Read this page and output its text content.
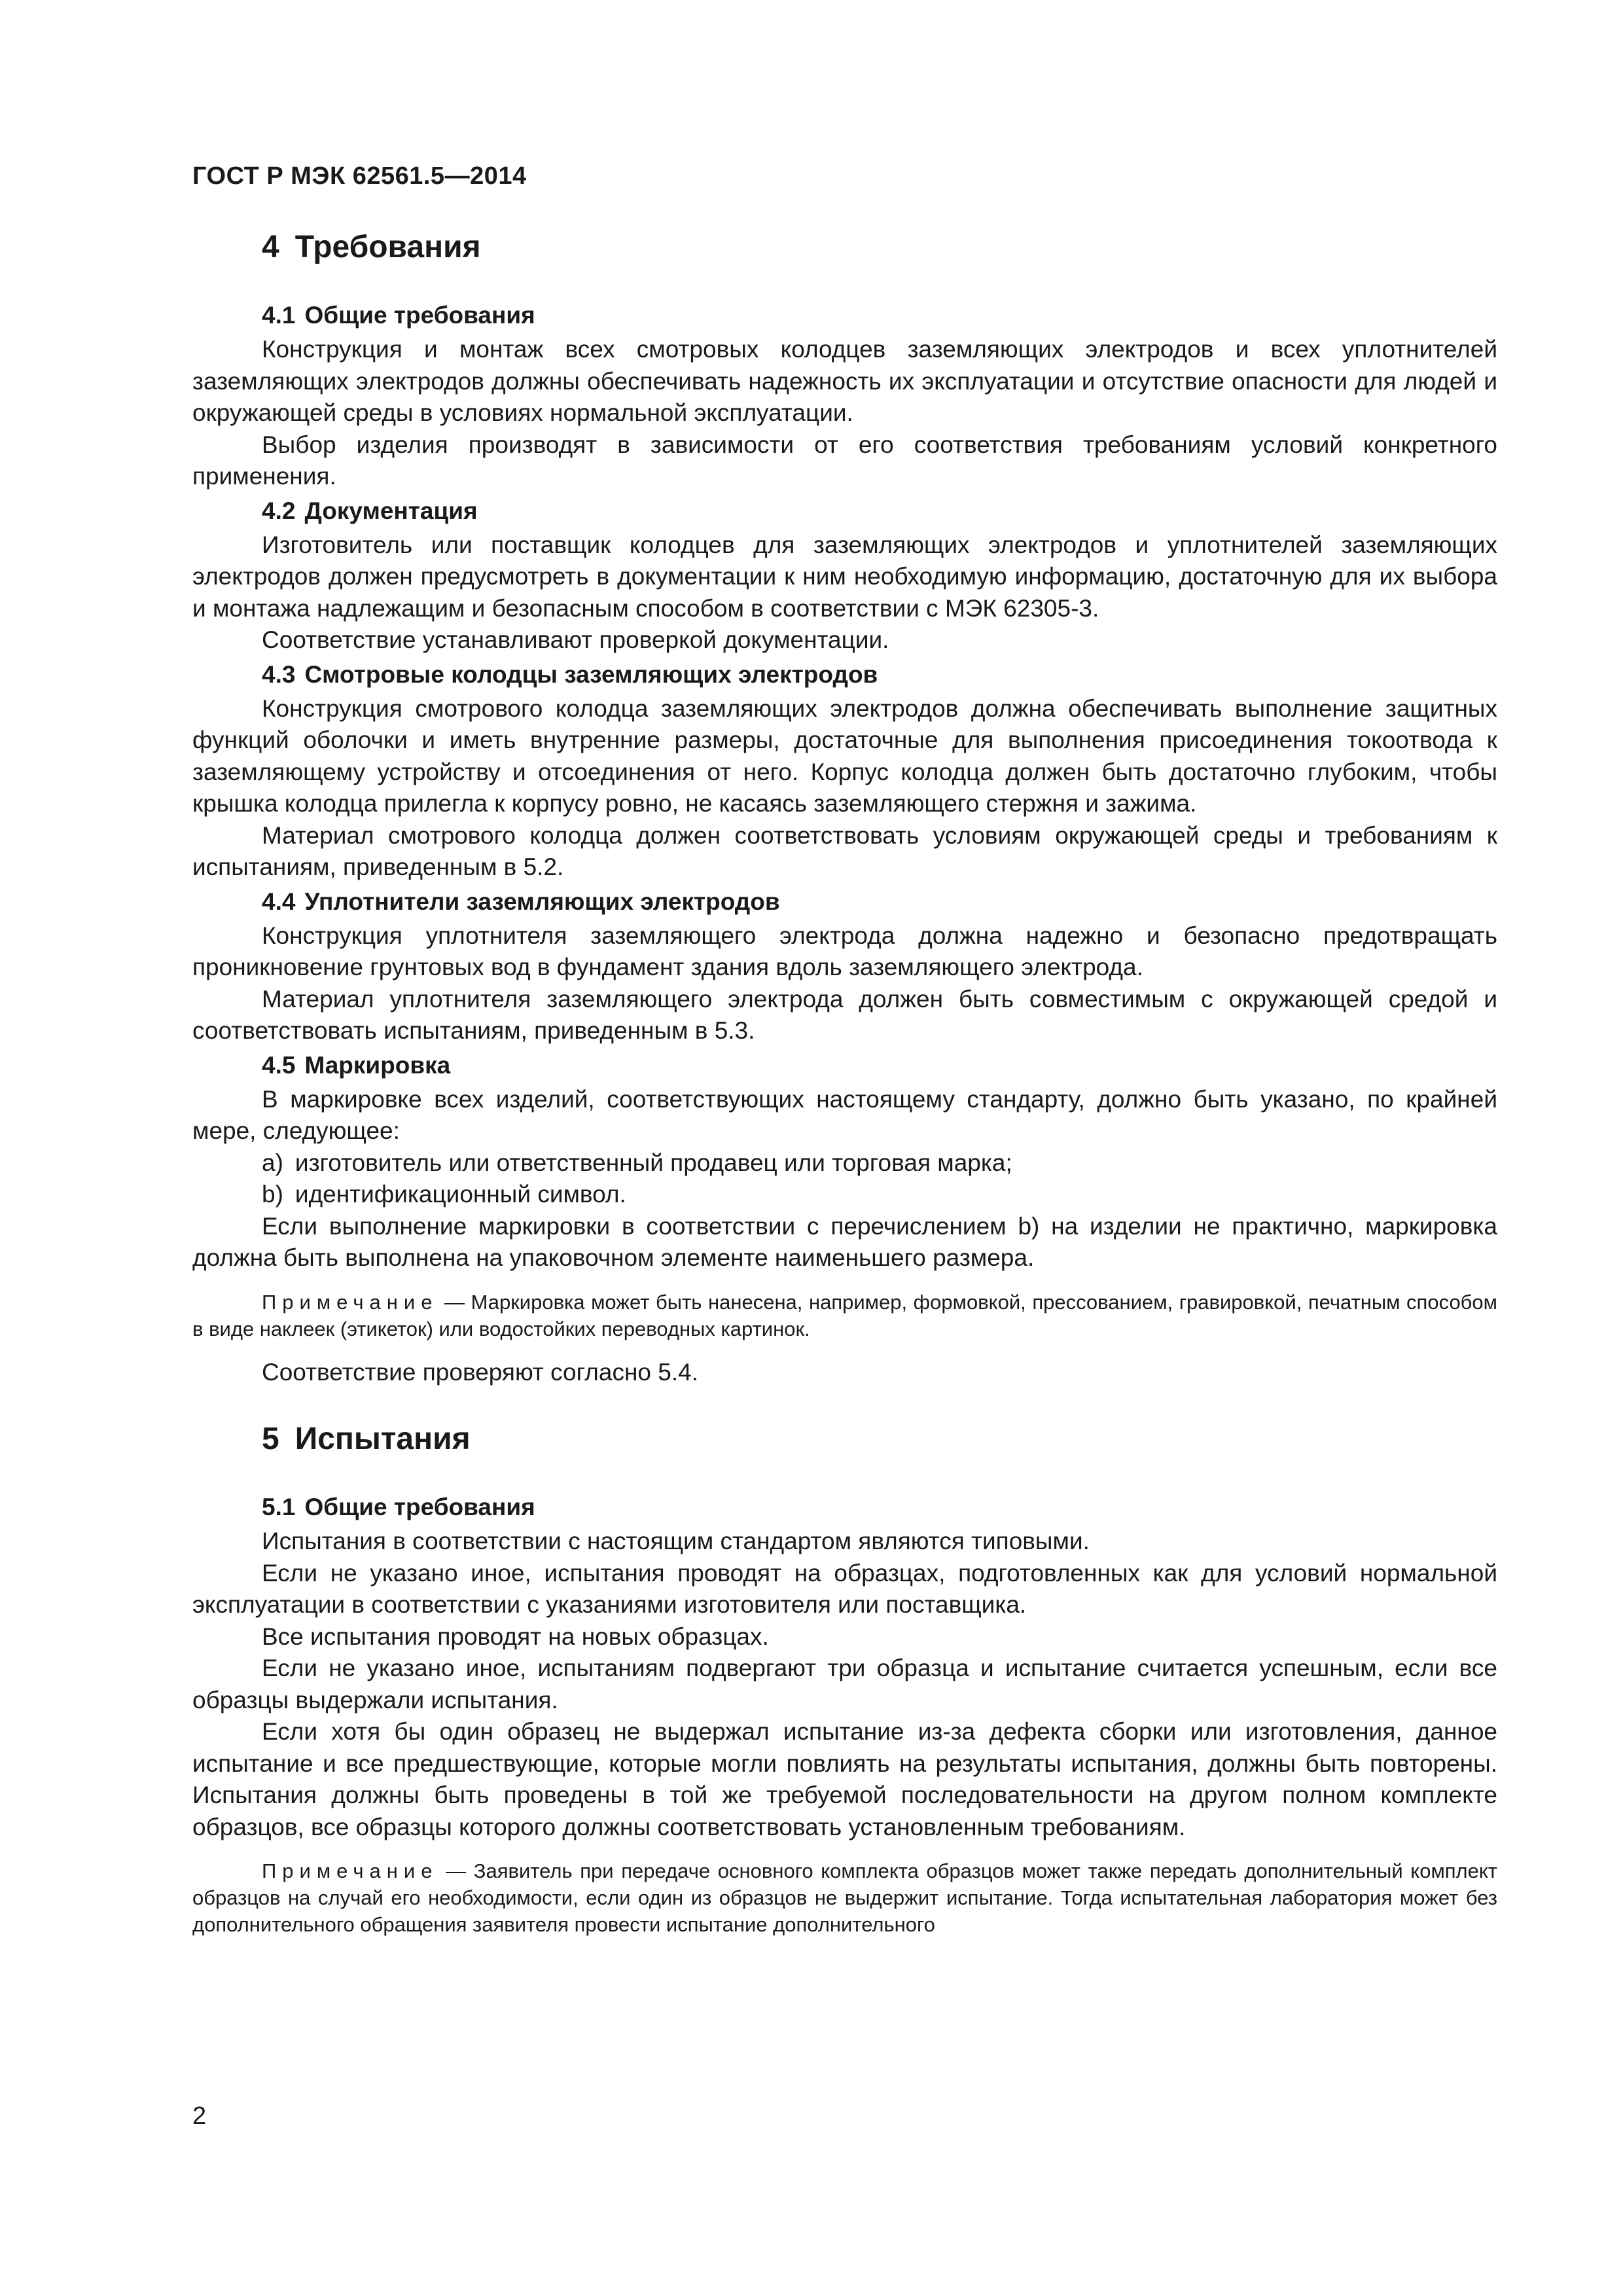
ГОСТ Р МЭК 62561.5—2014
4 Требования
4.1 Общие требования

Конструкция и монтаж всех смотровых колодцев заземляющих электродов и всех уплотнителей заземляющих электродов должны обеспечивать надежность их эксплуатации и отсутствие опасности для людей и окружающей среды в условиях нормальной эксплуатации.

Выбор изделия производят в зависимости от его соответствия требованиям условий конкретного применения.

4.2 Документация

Изготовитель или поставщик колодцев для заземляющих электродов и уплотнителей заземляющих электродов должен предусмотреть в документации к ним необходимую информацию, достаточную для их выбора и монтажа надлежащим и безопасным способом в соответствии с МЭК 62305-3.

Соответствие устанавливают проверкой документации.

4.3 Смотровые колодцы заземляющих электродов

Конструкция смотрового колодца заземляющих электродов должна обеспечивать выполнение защитных функций оболочки и иметь внутренние размеры, достаточные для выполнения присоединения токоотвода к заземляющему устройству и отсоединения от него. Корпус колодца должен быть достаточно глубоким, чтобы крышка колодца прилегла к корпусу ровно, не касаясь заземляющего стержня и зажима.

Материал смотрового колодца должен соответствовать условиям окружающей среды и требованиям к испытаниям, приведенным в 5.2.

4.4 Уплотнители заземляющих электродов

Конструкция уплотнителя заземляющего электрода должна надежно и безопасно предотвращать проникновение грунтовых вод в фундамент здания вдоль заземляющего электрода.

Материал уплотнителя заземляющего электрода должен быть совместимым с окружающей средой и соответствовать испытаниям, приведенным в 5.3.

4.5 Маркировка

В маркировке всех изделий, соответствующих настоящему стандарту, должно быть указано, по крайней мере, следующее:

а) изготовитель или ответственный продавец или торговая марка;

b) идентификационный символ.

Если выполнение маркировки в соответствии с перечислением b) на изделии не практично, маркировка должна быть выполнена на упаковочном элементе наименьшего размера.

Примечание — Маркировка может быть нанесена, например, формовкой, прессованием, гравировкой, печатным способом в виде наклеек (этикеток) или водостойких переводных картинок.

Соответствие проверяют согласно 5.4.

5 Испытания
5.1 Общие требования

Испытания в соответствии с настоящим стандартом являются типовыми.

Если не указано иное, испытания проводят на образцах, подготовленных как для условий нормальной эксплуатации в соответствии с указаниями изготовителя или поставщика.

Все испытания проводят на новых образцах.

Если не указано иное, испытаниям подвергают три образца и испытание считается успешным, если все образцы выдержали испытания.

Если хотя бы один образец не выдержал испытание из-за дефекта сборки или изготовления, данное испытание и все предшествующие, которые могли повлиять на результаты испытания, должны быть повторены. Испытания должны быть проведены в той же требуемой последовательности на другом полном комплекте образцов, все образцы которого должны соответствовать установленным требованиям.

Примечание — Заявитель при передаче основного комплекта образцов может также передать дополнительный комплект образцов на случай его необходимости, если один из образцов не выдержит испытание. Тогда испытательная лаборатория может без дополнительного обращения заявителя провести испытание дополнительного

2
